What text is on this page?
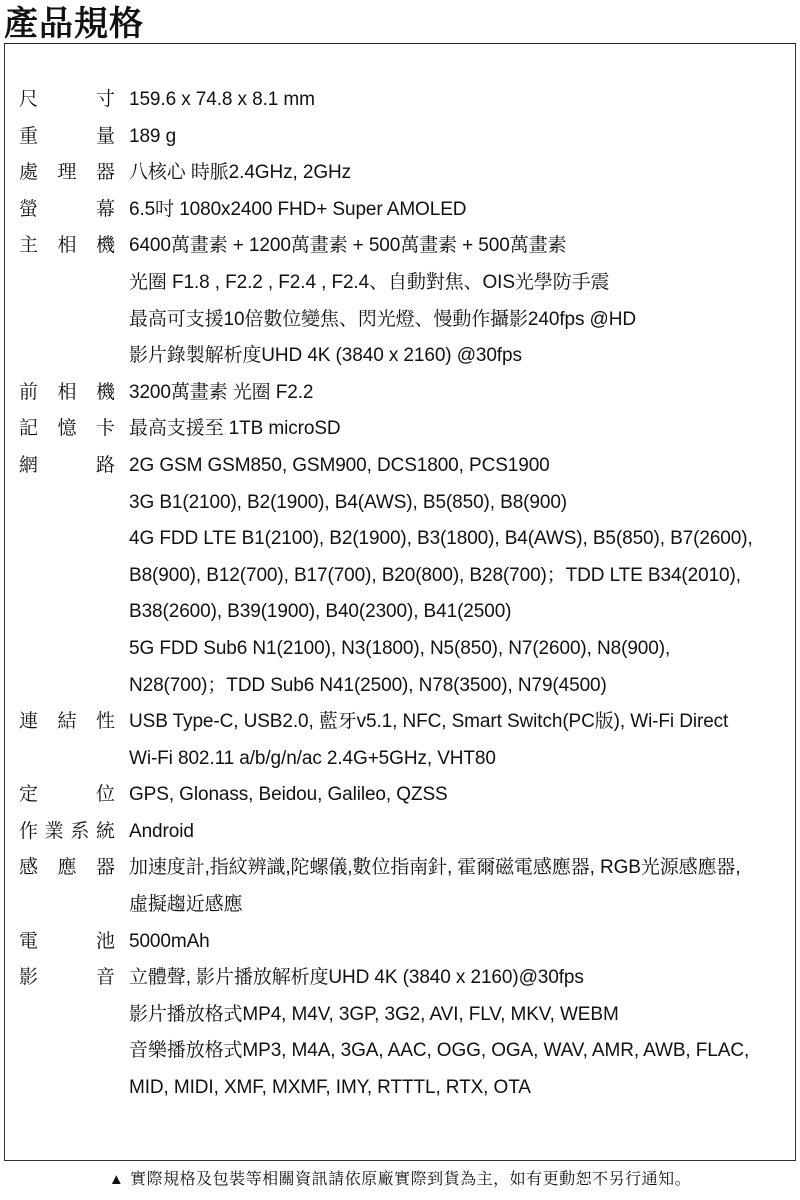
產品規格
尺寸 159.6 x 74.8 x 8.1 mm
重量 189 g
處理器 八核心 時脈2.4GHz, 2GHz
螢幕 6.5吋 1080x2400 FHD+ Super AMOLED
主相機 6400萬畫素 + 1200萬畫素 + 500萬畫素 + 500萬畫素
光圈 F1.8 , F2.2 , F2.4 , F2.4、自動對焦、OIS光學防手震
最高可支援10倍數位變焦、閃光燈、慢動作攝影240fps @HD
影片錄製解析度UHD 4K (3840 x 2160) @30fps
前相機 3200萬畫素 光圈 F2.2
記憶卡 最高支援至 1TB microSD
網路 2G GSM GSM850, GSM900, DCS1800, PCS1900
3G B1(2100), B2(1900), B4(AWS), B5(850), B8(900)
4G FDD LTE B1(2100), B2(1900), B3(1800), B4(AWS), B5(850), B7(2600),
B8(900), B12(700), B17(700), B20(800), B28(700)；TDD LTE B34(2010),
B38(2600), B39(1900), B40(2300), B41(2500)
5G FDD Sub6 N1(2100), N3(1800), N5(850), N7(2600), N8(900),
N28(700)；TDD Sub6 N41(2500), N78(3500), N79(4500)
連結性 USB Type-C, USB2.0, 藍牙v5.1, NFC, Smart Switch(PC版), Wi-Fi Direct
Wi-Fi 802.11 a/b/g/n/ac 2.4G+5GHz, VHT80
定位 GPS, Glonass, Beidou, Galileo, QZSS
作業系統 Android
感應器 加速度計,指紋辨識,陀螺儀,數位指南針, 霍爾磁電感應器, RGB光源感應器,
虛擬趨近感應
電池 5000mAh
影音 立體聲, 影片播放解析度UHD 4K (3840 x 2160)@30fps
影片播放格式MP4, M4V, 3GP, 3G2, AVI, FLV, MKV, WEBM
音樂播放格式MP3, M4A, 3GA, AAC, OGG, OGA, WAV, AMR, AWB, FLAC,
MID, MIDI, XMF, MXMF, IMY, RTTTL, RTX, OTA
▲ 實際規格及包裝等相關資訊請依原廠實際到貨為主，如有更動恕不另行通知。
